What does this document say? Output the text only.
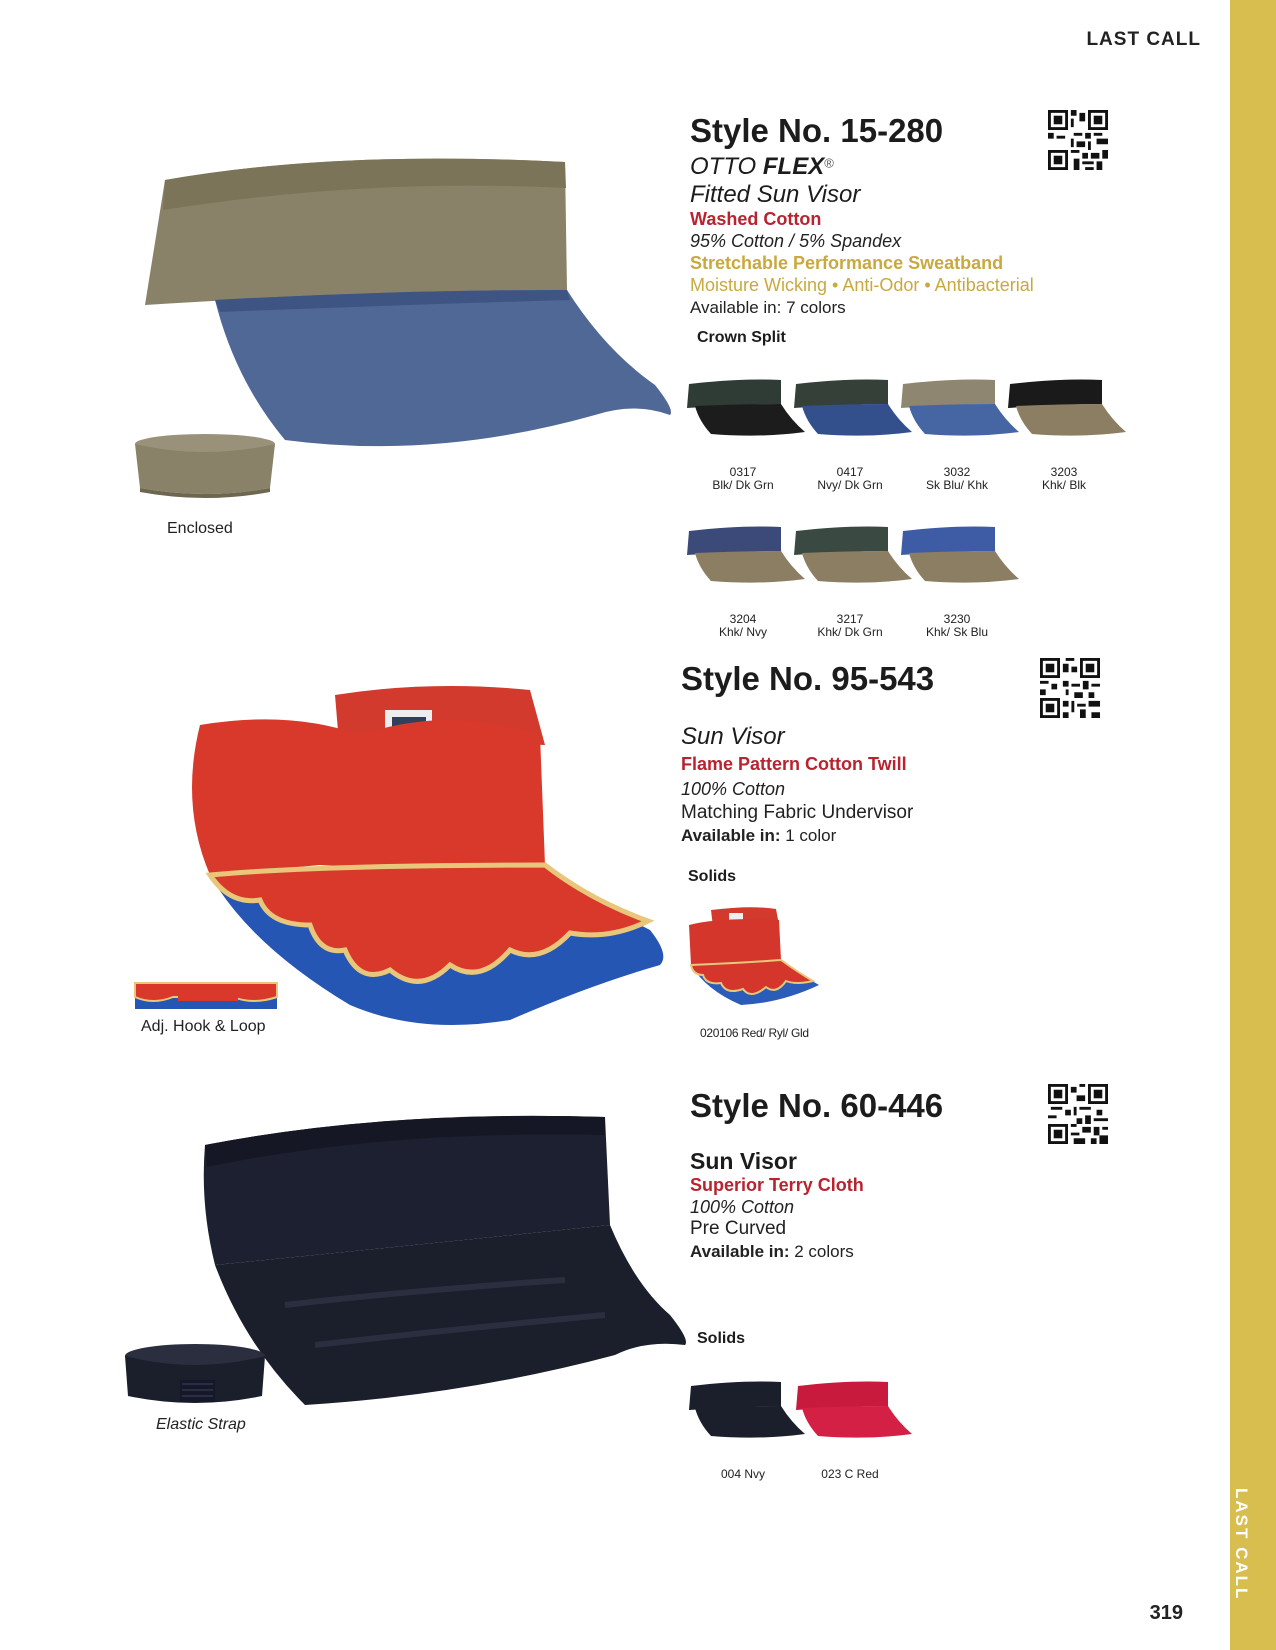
LAST CALL
LAST CALL
319
Enclosed
Style No. 15-280
OTTO FLEX®
Fitted Sun Visor
Washed Cotton
95% Cotton / 5% Spandex
Stretchable Performance Sweatband
Moisture Wicking • Anti-Odor • Antibacterial
Available in: 7 colors
Crown Split
0317
Blk/ Dk Grn
0417
Nvy/ Dk Grn
3032
Sk Blu/ Khk
3203
Khk/ Blk
3204
Khk/ Nvy
3217
Khk/ Dk Grn
3230
Khk/ Sk Blu
Adj. Hook & Loop
Style No. 95-543
Sun Visor
Flame Pattern Cotton Twill
100% Cotton
Matching Fabric Undervisor
Available in: 1 color
Solids
020106 Red/ Ryl/ Gld
Elastic Strap
Style No. 60-446
Sun Visor
Superior Terry Cloth
100% Cotton
Pre Curved
Available in: 2 colors
Solids
004 Nvy	023 C Red
